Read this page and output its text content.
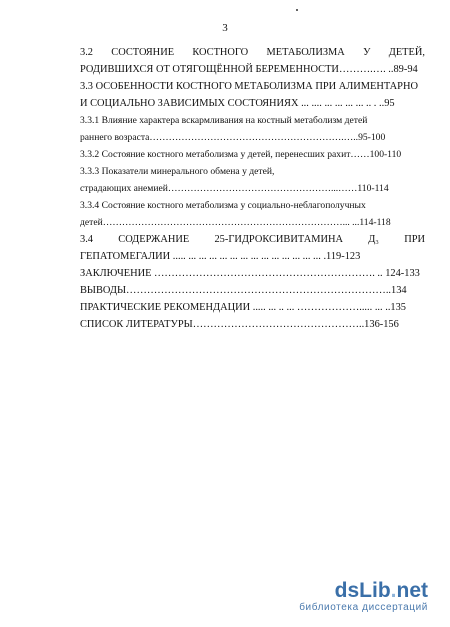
3
3.2 СОСТОЯНИЕ КОСТНОГО МЕТАБОЛИЗМА У ДЕТЕЙ,
РОДИВШИХСЯ ОТ ОТЯГОЩЁННОЙ БЕРЕМЕННОСТИ……….…. ..89-94
3.3 ОСОБЕННОСТИ КОСТНОГО МЕТАБОЛИЗМА ПРИ АЛИМЕНТАРНО
И СОЦИАЛЬНО ЗАВИСИМЫХ СОСТОЯНИЯХ ... .... ... ... ... ... .. . ..95
3.3.1 Влияние характера вскармливания на костный метаболизм детей
раннего возраста…………………………………………………….…..95-100
3.3.2 Состояние костного метаболизма у детей, перенесших рахит……100-110
3.3.3 Показатели минерального обмена у детей,
страдающих анемией……………………………………………...……110-114
3.3.4 Состояние костного метаболизма у социально-неблагополучных
детей…………………………………………………………………... ...114-118
3.4 СОДЕРЖАНИЕ 25-ГИДРОКСИВИТАМИНА Д₃ ПРИ
ГЕПАТОМЕГАЛИИ ..... ... ... ... ... ... ... ... ... ... ... ... ... ... .119-123
ЗАКЛЮЧЕНИЕ ………………………………………………………. .. 124-133
ВЫВОДЫ…………………………………………………………………..134
ПРАКТИЧЕСКИЕ РЕКОМЕНДАЦИИ ..... ... .. ... ………………..... ... ..135
СПИСОК ЛИТЕРАТУРЫ…………………………………………..136-156
dsLib.net
библиотека диссертаций
